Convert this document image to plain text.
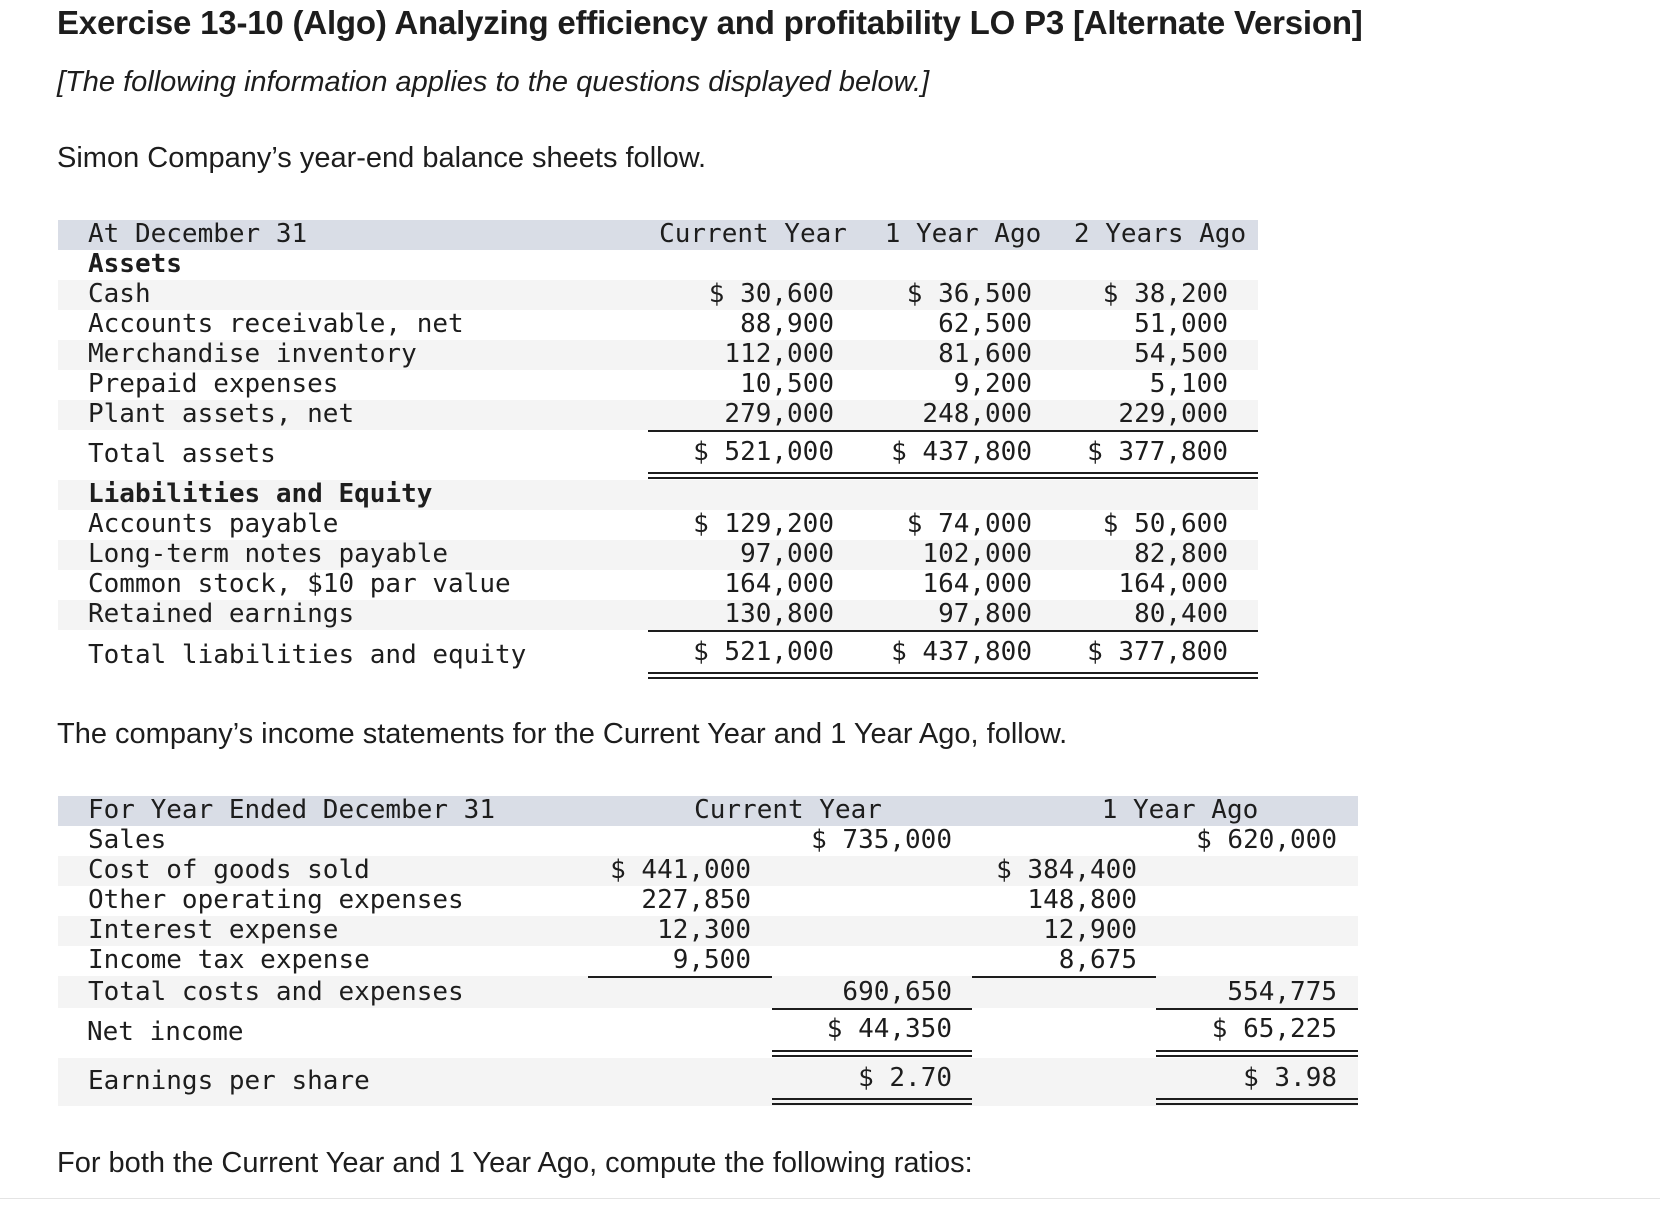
Exercise 13-10 (Algo) Analyzing efficiency and profitability LO P3 [Alternate Version]
[The following information applies to the questions displayed below.]
Simon Company’s year-end balance sheets follow.
At December 31	Current Year	1 Year Ago	2 Years Ago
Assets
Cash	$ 30,600	$ 36,500	$ 38,200
Accounts receivable, net	88,900	62,500	51,000
Merchandise inventory	112,000	81,600	54,500
Prepaid expenses	10,500	9,200	5,100
Plant assets, net	279,000	248,000	229,000
Total assets	$ 521,000 $ 437,800 $ 377,800
Liabilities and Equity
Accounts payable	$ 129,200	$ 74,000	$ 50,600
Long-term notes payable	97,000	102,000	82,800
Common stock, $10 par value	164,000	164,000	164,000
Retained earnings	130,800	97,800	80,400
Total liabilities and equity	$ 521,000 $ 437,800 $ 377,800
The company’s income statements for the Current Year and 1 Year Ago, follow.
For Year Ended December 31	Current Year	1 Year Ago
Sales	$ 735,000	$ 620,000
Cost of goods sold	$ 441,000	$ 384,400
Other operating expenses	227,850	148,800
Interest expense	12,300	12,900
Income tax expense	9,500	8,675
Total costs and expenses	690,650	554,775
Net income	$ 44,350	$ 65,225
Earnings per share	$ 2.70	$ 3.98
For both the Current Year and 1 Year Ago, compute the following ratios:
